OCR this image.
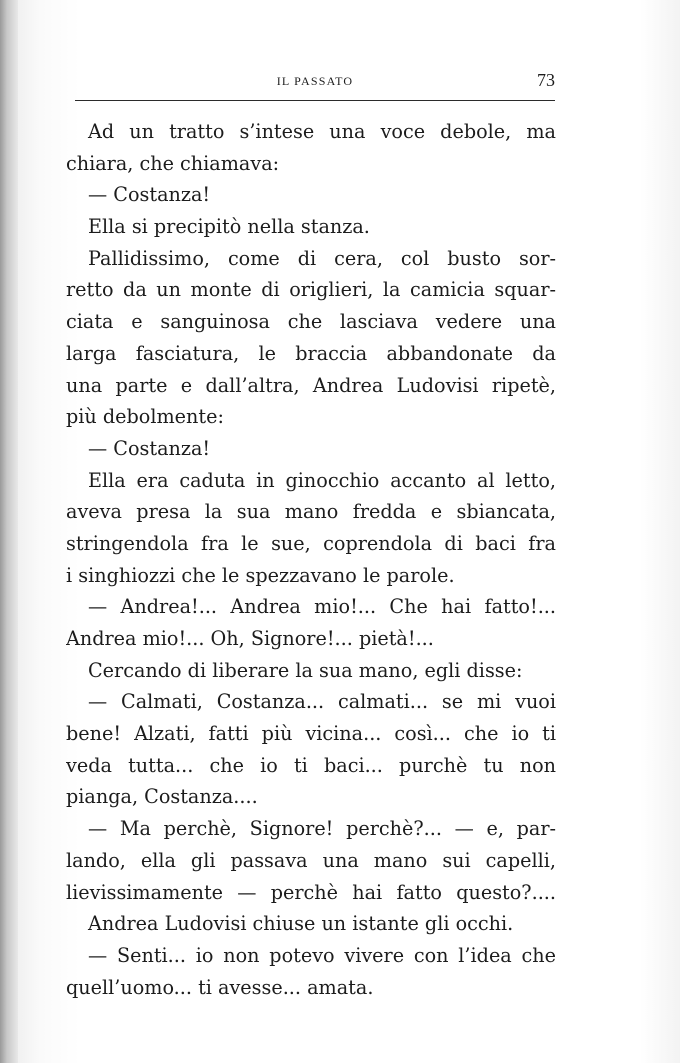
IL PASSATO	73
Ad un tratto s’intese una voce debole, ma
chiara, che chiamava:
— Costanza!
Ella si precipitò nella stanza.
Pallidissimo, come di cera, col busto sor-
retto da un monte di origlieri, la camicia squar-
ciata e sanguinosa che lasciava vedere una
larga fasciatura, le braccia abbandonate da
una parte e dall’altra, Andrea Ludovisi ripetè,
più debolmente:
— Costanza!
Ella era caduta in ginocchio accanto al letto,
aveva presa la sua mano fredda e sbiancata,
stringendola fra le sue, coprendola di baci fra
i singhiozzi che le spezzavano le parole.
— Andrea!... Andrea mio!... Che hai fatto!...
Andrea mio!... Oh, Signore!... pietà!...
Cercando di liberare la sua mano, egli disse:
— Calmati, Costanza... calmati... se mi vuoi
bene! Alzati, fatti più vicina... così... che io ti
veda tutta... che io ti baci... purchè tu non
pianga, Costanza....
— Ma perchè, Signore! perchè?... — e, par-
lando, ella gli passava una mano sui capelli,
lievissimamente — perchè hai fatto questo?....
Andrea Ludovisi chiuse un istante gli occhi.
— Senti... io non potevo vivere con l’idea che
quell’uomo... ti avesse... amata.
